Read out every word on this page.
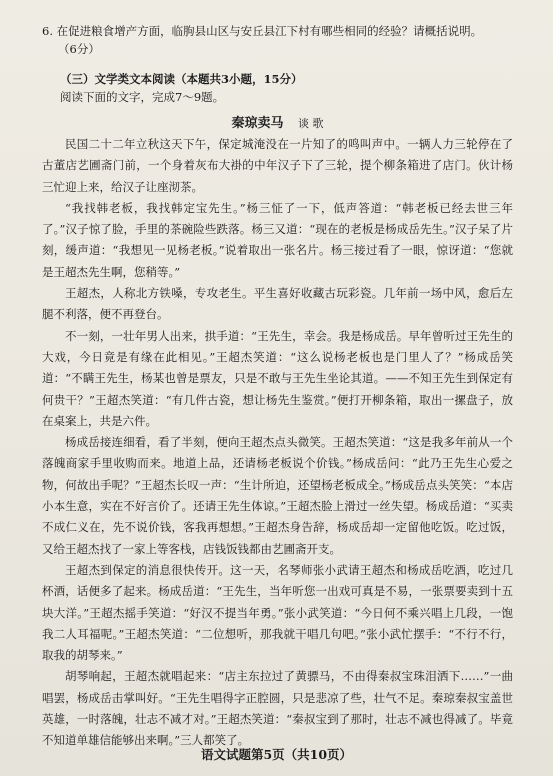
6. 在促进粮食增产方面，临朐县山区与安丘县江下村有哪些相同的经验？请概括说明。
（6分）
（三）文学类文本阅读（本题共3小题，15分）
阅读下面的文字，完成7～9题。
秦琼卖马 谈 歌

民国二十二年立秋这天下午，保定城淹没在一片知了的鸣叫声中。一辆人力三轮停在了古董店艺圃斋门前，一个身着灰布大褂的中年汉子下了三轮，提个柳条箱进了店门。伙计杨三忙迎上来，给汉子让座沏茶。

“我找韩老板，我找韩定宝先生。”杨三怔了一下，低声答道：“韩老板已经去世三年了。”汉子惊了脸，手里的茶碗险些跌落。杨三又道：“现在的老板是杨成岳先生。”汉子呆了片刻，缓声道：“我想见一见杨老板。”说着取出一张名片。杨三接过看了一眼，惊讶道：“您就是王超杰先生啊，您稍等。”

王超杰，人称北方铁嗓，专攻老生。平生喜好收藏古玩彩瓷。几年前一场中风，愈后左腿不利落，便不再登台。

不一刻，一壮年男人出来，拱手道：“王先生，幸会。我是杨成岳。早年曾听过王先生的大戏，今日竟是有缘在此相见。”王超杰笑道：“这么说杨老板也是门里人了？”杨成岳笑道：“不瞒王先生，杨某也曾是票友，只是不敢与王先生坐论其道。——不知王先生到保定有何贵干？”王超杰笑道：“有几件古瓷，想让杨先生鉴赏。”便打开柳条箱，取出一摞盘子，放在桌案上，共是六件。

杨成岳接连细看，看了半刻，便向王超杰点头微笑。王超杰笑道：“这是我多年前从一个落魄商家手里收购而来。地道上品，还请杨老板说个价钱。”杨成岳问：“此乃王先生心爱之物，何故出手呢？”王超杰长叹一声：“生计所迫，还望杨老板成全。”杨成岳点头笑笑：“本店小本生意，实在不好言价了。还请王先生体谅。”王超杰脸上滑过一丝失望。杨成岳道：“买卖不成仁义在，先不说价钱，客我再想想。”王超杰身告辞，杨成岳却一定留他吃饭。吃过饭，又给王超杰找了一家上等客栈，店钱饭钱都由艺圃斋开支。

王超杰到保定的消息很快传开。这一天，名琴师张小武请王超杰和杨成岳吃酒，吃过几杯酒，话便多了起来。杨成岳道：“王先生，当年听您一出戏可真是不易，一张票要卖到十五块大洋。”王超杰摇手笑道：“好汉不提当年勇。”张小武笑道：“今日何不乘兴唱上几段，一饱我二人耳福呢。”王超杰笑道：“二位想听，那我就干唱几句吧。”张小武忙摆手：“不行不行，取我的胡琴来。”

胡琴响起，王超杰就唱起来：“店主东拉过了黄骠马，不由得秦叔宝珠泪洒下……”一曲唱罢，杨成岳击掌叫好。“王先生唱得字正腔圆，只是悲凉了些，壮气不足。秦琼秦叔宝盖世英雄，一时落魄，壮志不减才对。”王超杰笑道：“秦叔宝到了那时，壮志不减也得减了。毕竟不知道单雄信能够出来啊。”三人都笑了。

语文试题第5页（共10页）
